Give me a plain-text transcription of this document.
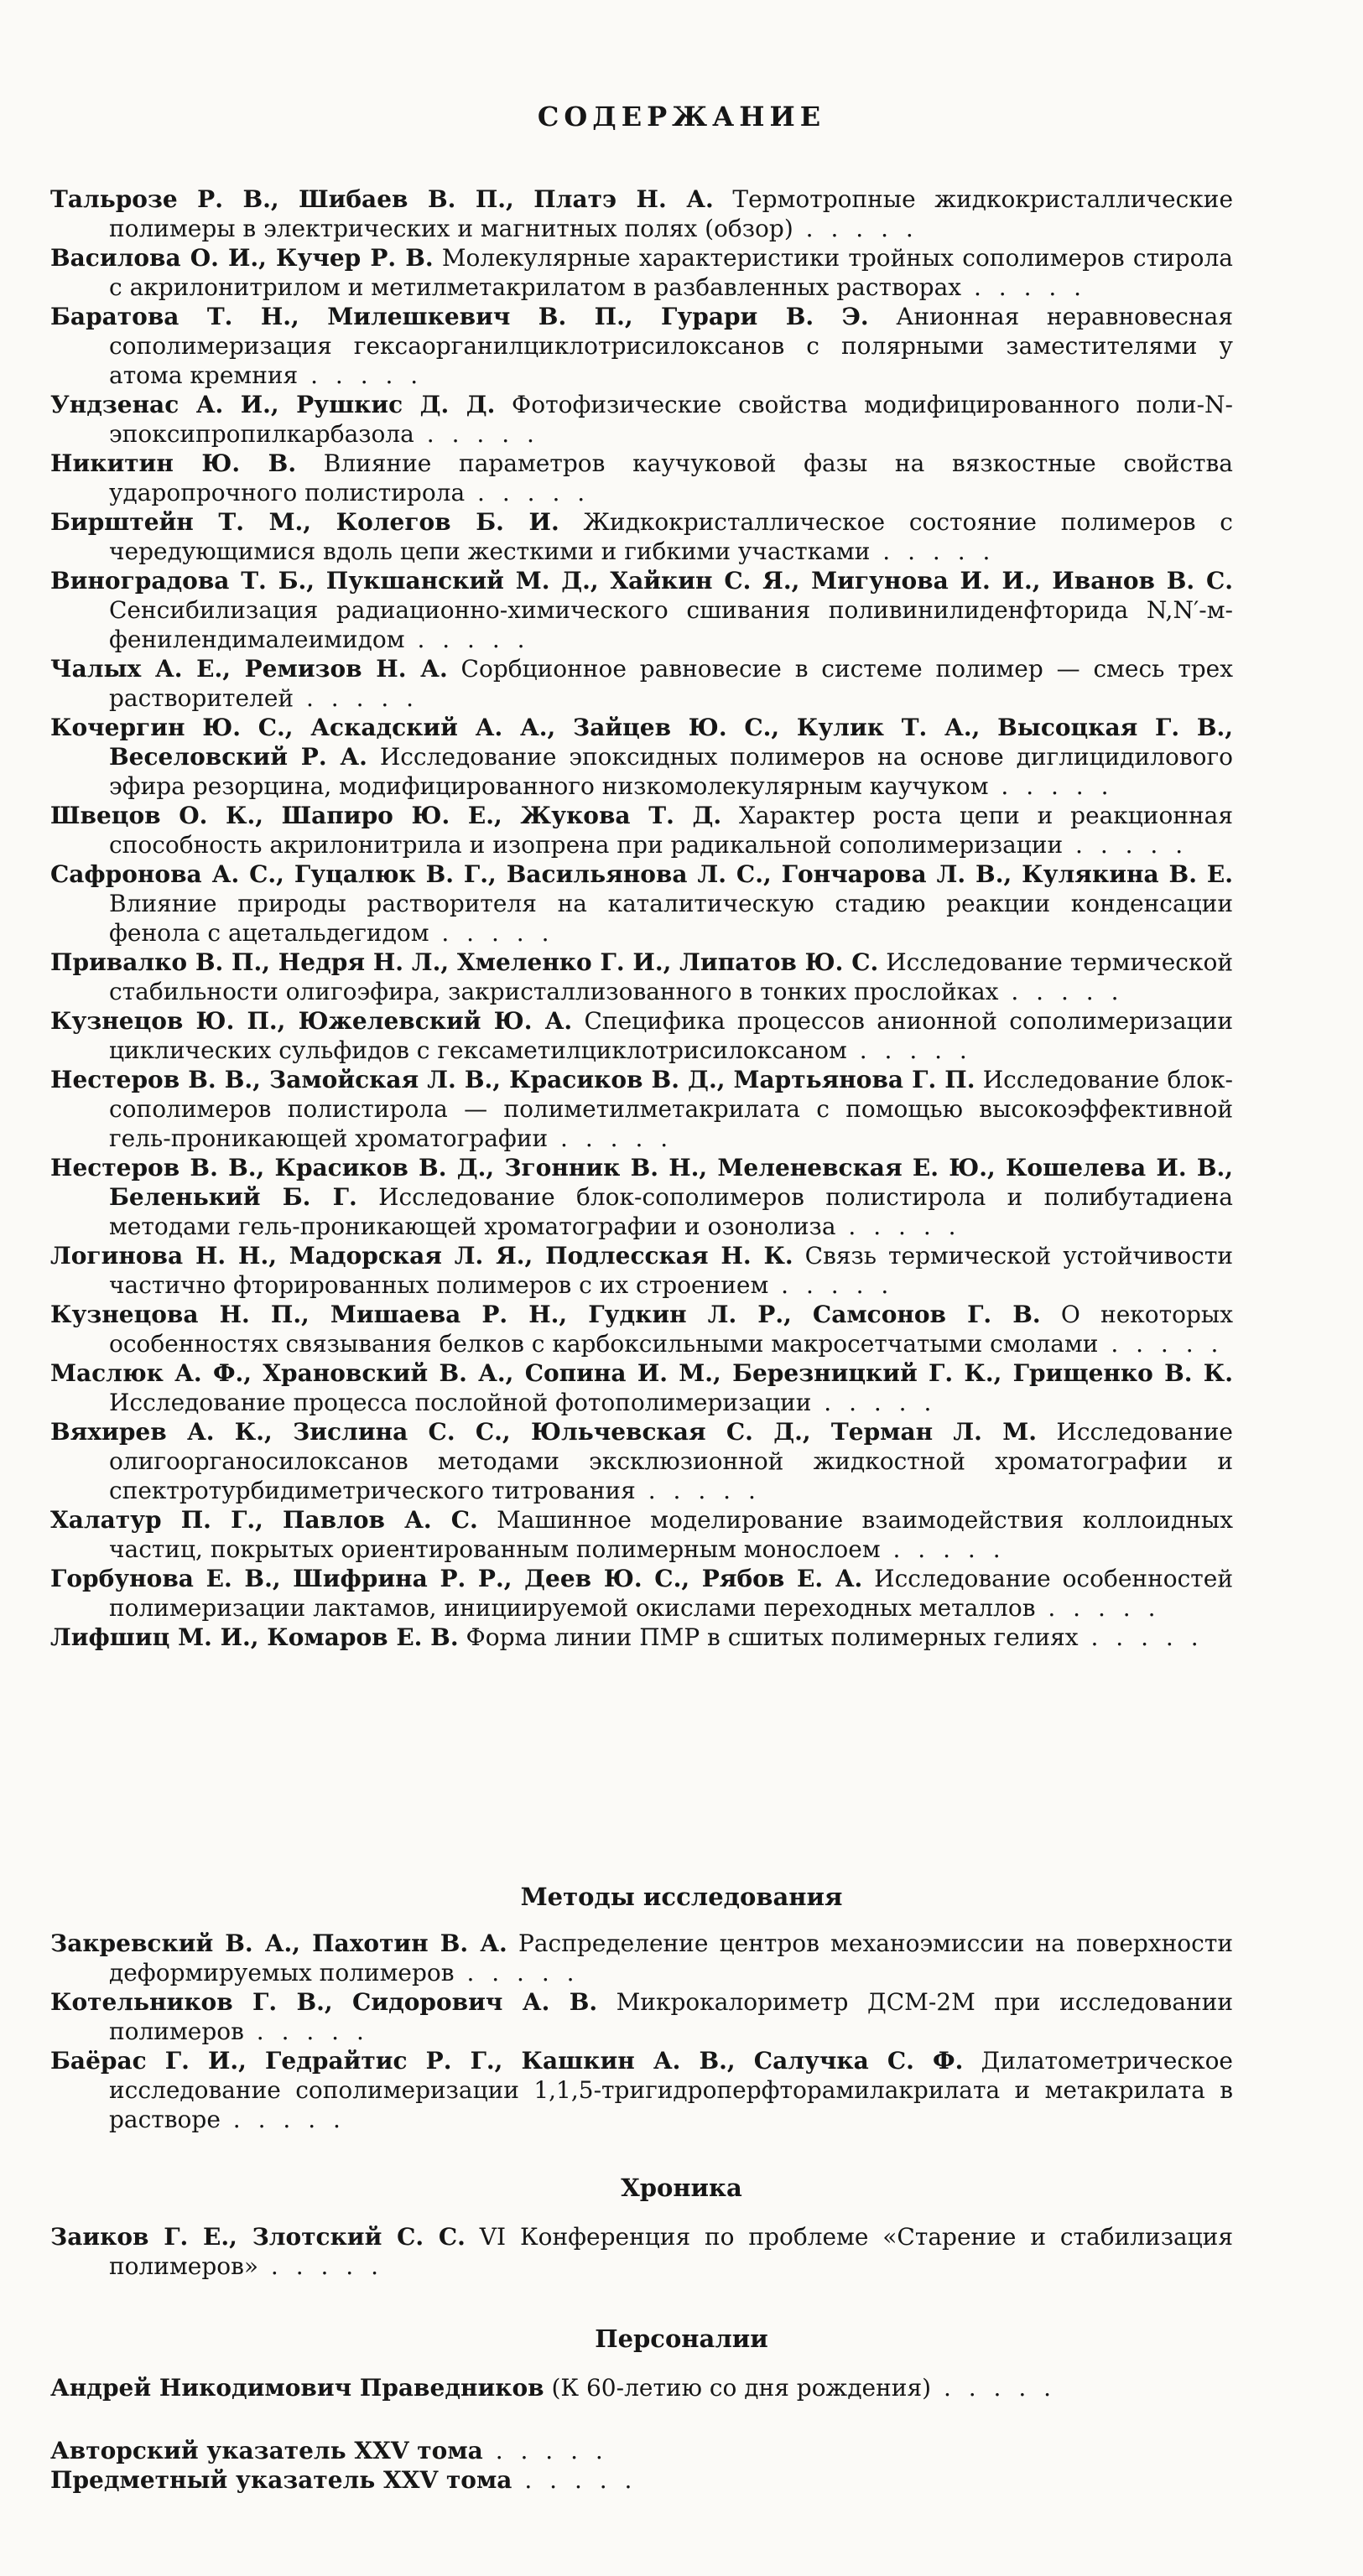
СОДЕРЖАНИЕ

Тальрозе Р. В., Шибаев В. П., Платэ Н. А. Термотропные жидкокристаллические полимеры в электрических и магнитных полях (обзор) . . . . .

Василова О. И., Кучер Р. В. Молекулярные характеристики тройных сополимеров стирола с акрилонитрилом и метилметакрилатом в разбавленных растворах . . . . .

Баратова Т. Н., Милешкевич В. П., Гурари В. Э. Анионная неравновесная сополимеризация гексаорганилциклотрисилоксанов с полярными заместителями у атома кремния . . . . .

Ундзенас А. И., Рушкис Д. Д. Фотофизические свойства модифицированного поли-N-эпоксипропилкарбазола . . . . .

Никитин Ю. В. Влияние параметров каучуковой фазы на вязкостные свойства ударопрочного полистирола . . . . .

Бирштейн Т. М., Колегов Б. И. Жидкокристаллическое состояние полимеров с чередующимися вдоль цепи жесткими и гибкими участками . . . . .

Виноградова Т. Б., Пукшанский М. Д., Хайкин С. Я., Мигунова И. И., Иванов В. С. Сенсибилизация радиационно-химического сшивания поливинилиденфторида N,N′-м-фенилендималеимидом . . . . .

Чалых А. Е., Ремизов Н. А. Сорбционное равновесие в системе полимер — смесь трех растворителей . . . . .

Кочергин Ю. С., Аскадский А. А., Зайцев Ю. С., Кулик Т. А., Высоцкая Г. В., Веселовский Р. А. Исследование эпоксидных полимеров на основе диглицидилового эфира резорцина, модифицированного низкомолекулярным каучуком . . . . .

Швецов О. К., Шапиро Ю. Е., Жукова Т. Д. Характер роста цепи и реакционная способность акрилонитрила и изопрена при радикальной сополимеризации . . . . .

Сафронова А. С., Гуцалюк В. Г., Васильянова Л. С., Гончарова Л. В., Кулякина В. Е. Влияние природы растворителя на каталитическую стадию реакции конденсации фенола с ацетальдегидом . . . . .

Привалко В. П., Недря Н. Л., Хмеленко Г. И., Липатов Ю. С. Исследование термической стабильности олигоэфира, закристаллизованного в тонких прослойках . . . . .

Кузнецов Ю. П., Южелевский Ю. А. Специфика процессов анионной сополимеризации циклических сульфидов с гексаметилциклотрисилоксаном . . . . .

Нестеров В. В., Замойская Л. В., Красиков В. Д., Мартьянова Г. П. Исследование блок-сополимеров полистирола — полиметилметакрилата с помощью высокоэффективной гель-проникающей хроматографии . . . . .

Нестеров В. В., Красиков В. Д., Згонник В. Н., Меленевская Е. Ю., Кошелева И. В., Беленький Б. Г. Исследование блок-сополимеров полистирола и полибутадиена методами гель-проникающей хроматографии и озонолиза . . . . .

Логинова Н. Н., Мадорская Л. Я., Подлесская Н. К. Связь термической устойчивости частично фторированных полимеров с их строением . . . . .

Кузнецова Н. П., Мишаева Р. Н., Гудкин Л. Р., Самсонов Г. В. О некоторых особенностях связывания белков с карбоксильными макросетчатыми смолами . . . . .

Маслюк А. Ф., Храновский В. А., Сопина И. М., Березницкий Г. К., Грищенко В. К. Исследование процесса послойной фотополимеризации . . . . .

Вяхирев А. К., Зислина С. С., Юльчевская С. Д., Терман Л. М. Исследование олигоорганосилоксанов методами эксклюзионной жидкостной хроматографии и спектротурбидиметрического титрования . . . . .

Халатур П. Г., Павлов А. С. Машинное моделирование взаимодействия коллоидных частиц, покрытых ориентированным полимерным монослоем . . . . .

Горбунова Е. В., Шифрина Р. Р., Деев Ю. С., Рябов Е. А. Исследование особенностей полимеризации лактамов, инициируемой окислами переходных металлов . . . . .

Лифшиц М. И., Комаров Е. В. Форма линии ПМР в сшитых полимерных гелиях . . . . .

Методы исследования

Закревский В. А., Пахотин В. А. Распределение центров механоэмиссии на поверхности деформируемых полимеров . . . . .

Котельников Г. В., Сидорович А. В. Микрокалориметр ДСМ-2М при исследовании полимеров . . . . .

Баёрас Г. И., Гедрайтис Р. Г., Кашкин А. В., Салучка С. Ф. Дилатометрическое исследование сополимеризации 1,1,5-тригидроперфторамилакрилата и метакрилата в растворе . . . . .

Хроника

Заиков Г. Е., Злотский С. С. VI Конференция по проблеме «Старение и стабилизация полимеров» . . . . .

Персоналии

Андрей Никодимович Праведников (К 60-летию со дня рождения) . . . . .

Авторский указатель XXV тома . . . . .

Предметный указатель XXV тома . . . . .
